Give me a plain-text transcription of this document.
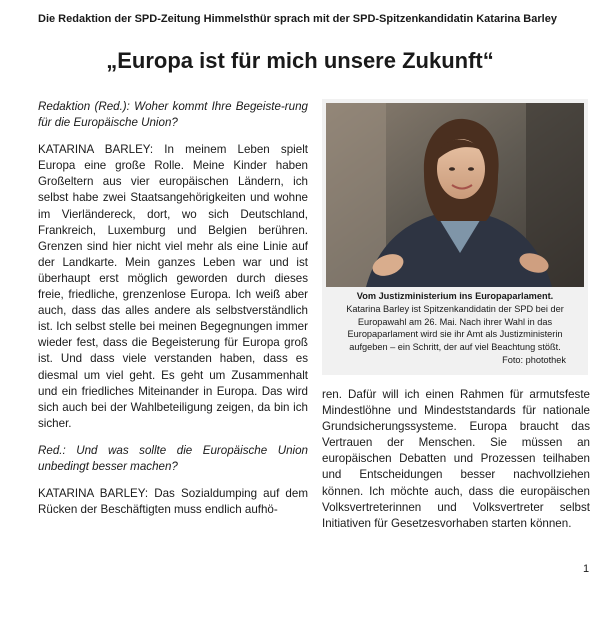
Die Redaktion der SPD-Zeitung Himmelsthür sprach mit der SPD-Spitzenkandidatin Katarina Barley
„Europa ist für mich unsere Zukunft“

Redaktion (Red.): Woher kommt Ihre Begeiste-rung für die Europäische Union?

KATARINA BARLEY: In meinem Leben spielt Europa eine große Rolle. Meine Kinder haben Großeltern aus vier europäischen Ländern, ich selbst habe zwei Staatsangehörigkeiten und wohne im Vierländereck, dort, wo sich Deutschland, Frankreich, Luxemburg und Belgien berühren. Grenzen sind hier nicht viel mehr als eine Linie auf der Landkarte. Mein ganzes Leben war und ist überhaupt erst möglich geworden durch dieses freie, friedliche, grenzenlose Europa. Ich weiß aber auch, dass das alles andere als selbstverständlich ist. Ich selbst stelle bei meinen Begegnungen immer wieder fest, dass die Begeisterung für Europa groß ist. Und dass viele verstanden haben, dass es diesmal um viel geht. Es geht um Zusammenhalt und ein friedliches Miteinander in Europa. Das wird sich auch bei der Wahlbeteiligung zeigen, da bin ich sicher.

Red.: Und was sollte die Europäische Union unbedingt besser machen?

KATARINA BARLEY: Das Sozialdumping auf dem Rücken der Beschäftigten muss endlich aufhö-

Vom Justizministerium ins Europaparlament.
Katarina Barley ist Spitzenkandidatin der SPD bei der Europawahl am 26. Mai. Nach ihrer Wahl in das Europaparlament wird sie ihr Amt als Justizministerin aufgeben – ein Schritt, der auf viel Beachtung stößt.
Foto: photothek

ren. Dafür will ich einen Rahmen für armutsfeste Mindestlöhne und Mindeststandards für nationale Grundsicherungssysteme. Europa braucht das Vertrauen der Menschen. Sie müssen an europäischen Debatten und Prozessen teilhaben und Entscheidungen besser nachvollziehen können. Ich möchte auch, dass die europäischen Volksvertreterinnen und Volksvertreter selbst Initiativen für Gesetzesvorhaben starten können.

1
